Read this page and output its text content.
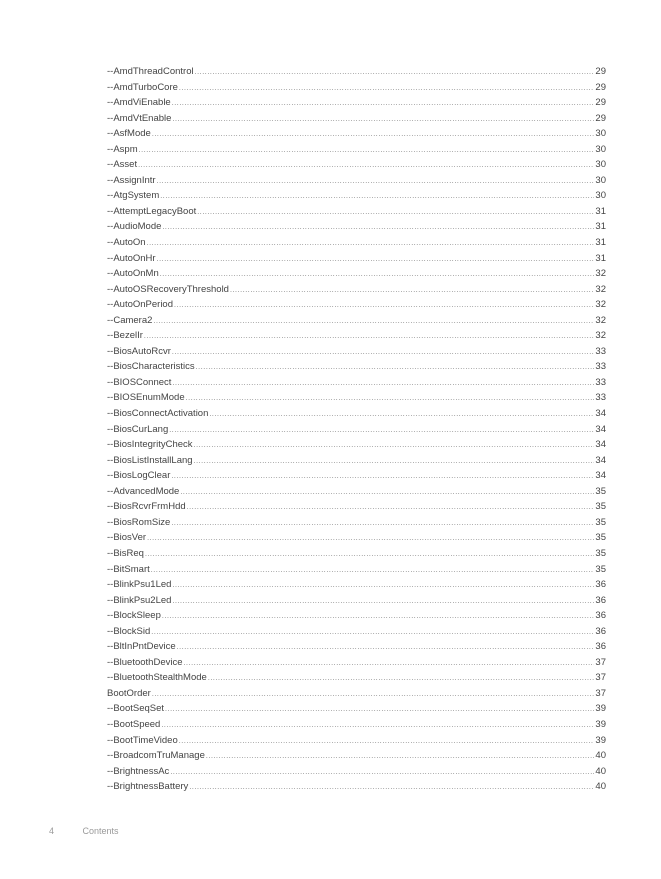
--AmdThreadControl .....	29
--AmdTurboCore .....	29
--AmdViEnable .....	29
--AmdVtEnable .....	29
--AsfMode .....	30
--Aspm .....	30
--Asset .....	30
--AssignIntr .....	30
--AtgSystem .....	30
--AttemptLegacyBoot .....	31
--AudioMode .....	31
--AutoOn .....	31
--AutoOnHr .....	31
--AutoOnMn .....	32
--AutoOSRecoveryThreshold .....	32
--AutoOnPeriod .....	32
--Camera2 .....	32
--BezelIr .....	32
--BiosAutoRcvr .....	33
--BiosCharacteristics .....	33
--BIOSConnect .....	33
--BIOSEnumMode .....	33
--BiosConnectActivation .....	34
--BiosCurLang .....	34
--BiosIntegrityCheck .....	34
--BiosListInstallLang .....	34
--BiosLogClear .....	34
--AdvancedMode .....	35
--BiosRcvrFrmHdd .....	35
--BiosRomSize .....	35
--BiosVer .....	35
--BisReq .....	35
--BitSmart .....	35
--BlinkPsu1Led .....	36
--BlinkPsu2Led .....	36
--BlockSleep .....	36
--BlockSid .....	36
--BltInPntDevice .....	36
--BluetoothDevice .....	37
--BluetoothStealthMode .....	37
BootOrder .....	37
--BootSeqSet .....	39
--BootSpeed .....	39
--BootTimeVideo .....	39
--BroadcomTruManage .....	40
--BrightnessAc .....	40
--BrightnessBattery .....	40
4	Contents
